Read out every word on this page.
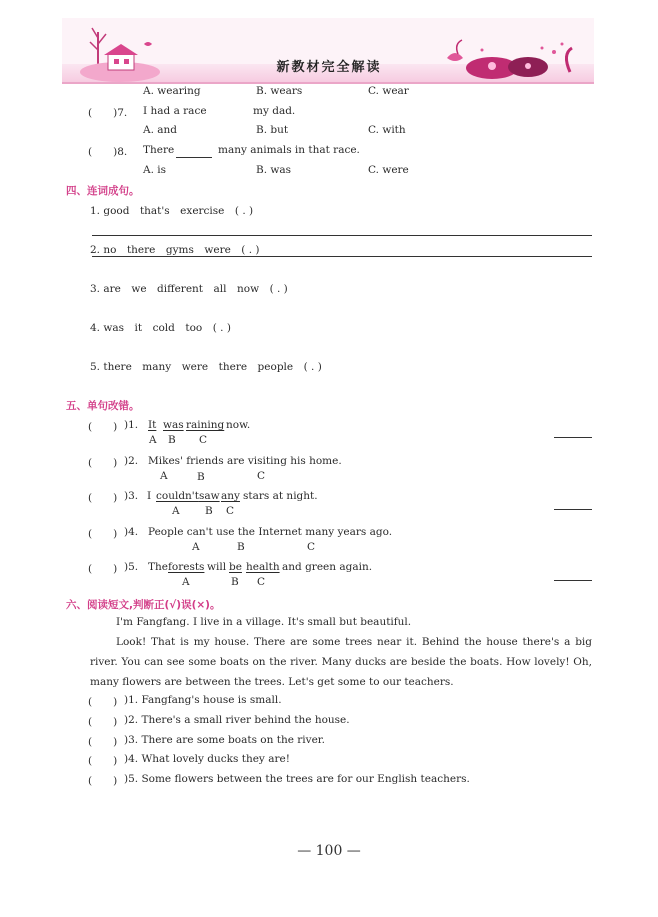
新教材完全解读
A. wearing	B. wears	C. wear
(　　)7. I had a race	my dad.
A. and	B. but	C. with
(　　)8. There	many animals in that race.
A. is	B. was	C. were
四、连词成句。
1. good　that's　exercise　( . )
2. no　there　gyms　were　( . )
3. are　we　different　all　now　( . )
4. was　it　cold　too　( . )
5. there　many　were　there　people　( . )
五、单句改错。
(　　) )1. It was raining now.
A B C
(　　) )2. Mikes' friends are visiting his home.
A	B	C
(　　) )3. I couldn't saw any stars at night.
A B C
(　　) )4. People can't use the Internet many years ago.
A	B	C
(　　) )5. The forests will be health and green again.
A	B C
六、阅读短文,判断正(√)误(×)。
I'm Fangfang. I live in a village. It's small but beautiful.
Look! That is my house. There are some trees near it. Behind the house there's a big river. You can see some boats on the river. Many ducks are beside the boats. How lovely! Oh, many flowers are between the trees. Let's get some to our teachers.
(　　) )1. Fangfang's house is small.
(　　) )2. There's a small river behind the house.
(　　) )3. There are some boats on the river.
(　　) )4. What lovely ducks they are!
(　　) )5. Some flowers between the trees are for our English teachers.
— 100 —
